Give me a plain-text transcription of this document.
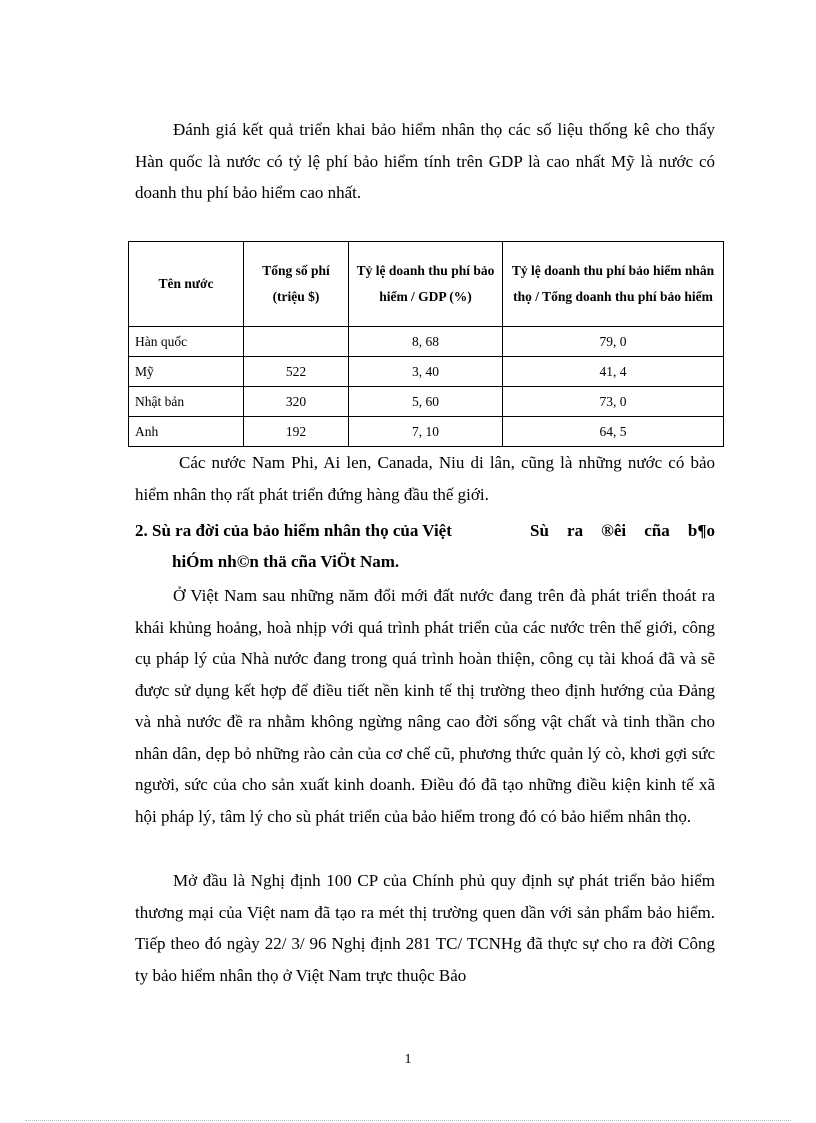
Đánh giá kết quả triển khai bảo hiểm nhân thọ các số liệu thống kê cho thấy Hàn quốc là nước có tỷ lệ phí bảo hiểm tính trên GDP là cao nhất Mỹ là nước có doanh thu phí bảo hiểm cao nhất.

Tên nước	Tổng số phí (triệu $)	Tỷ lệ doanh thu phí bảo hiểm / GDP (%)	Tỷ lệ doanh thu phí bảo hiểm nhân thọ / Tổng doanh thu phí bảo hiểm
Hàn quốc		8, 68	79, 0
Mỹ	522	3, 40	41, 4
Nhật bản	320	5, 60	73, 0
Anh	192	7, 10	64, 5

Các nước Nam Phi, Ai len, Canada, Niu di lân, cũng là những nước có bảo hiểm nhân thọ rất phát triển đứng hàng đầu thế giới.

2. Sù ra đời của bảo hiểm nhân thọ của Việt	Sù ra ®êi cña b¶o
hiÓm nh©n thä cña ViÖt Nam.

Ở Việt Nam sau những năm đổi mới đất nước đang trên đà phát triển thoát ra khái khủng hoảng, hoà nhịp với quá trình phát triển của các nước trên thế giới, công cụ pháp lý của Nhà nước đang trong quá trình hoàn thiện, công cụ tài khoá đã và sẽ được sử dụng kết hợp để điều tiết nền kinh tế thị trường theo định hướng của Đảng và nhà nước đề ra nhằm không ngừng nâng cao đời sống vật chất và tinh thần cho nhân dân, dẹp bỏ những rào cản của cơ chế cũ, phương thức quản lý cò, khơi gợi sức người, sức của cho sản xuất kinh doanh. Điều đó đã tạo những điều kiện kinh tế xã hội pháp lý, tâm lý cho sù phát triển của bảo hiểm trong đó có bảo hiểm nhân thọ.

Mở đầu là Nghị định 100 CP của Chính phủ quy định sự phát triển bảo hiểm thương mại của Việt nam đã tạo ra mét thị trường quen dần với sản phẩm bảo hiểm. Tiếp theo đó ngày 22/ 3/ 96 Nghị định 281 TC/ TCNHg đã thực sự cho ra đời Công ty bảo hiểm nhân thọ ở Việt Nam trực thuộc Bảo

1
